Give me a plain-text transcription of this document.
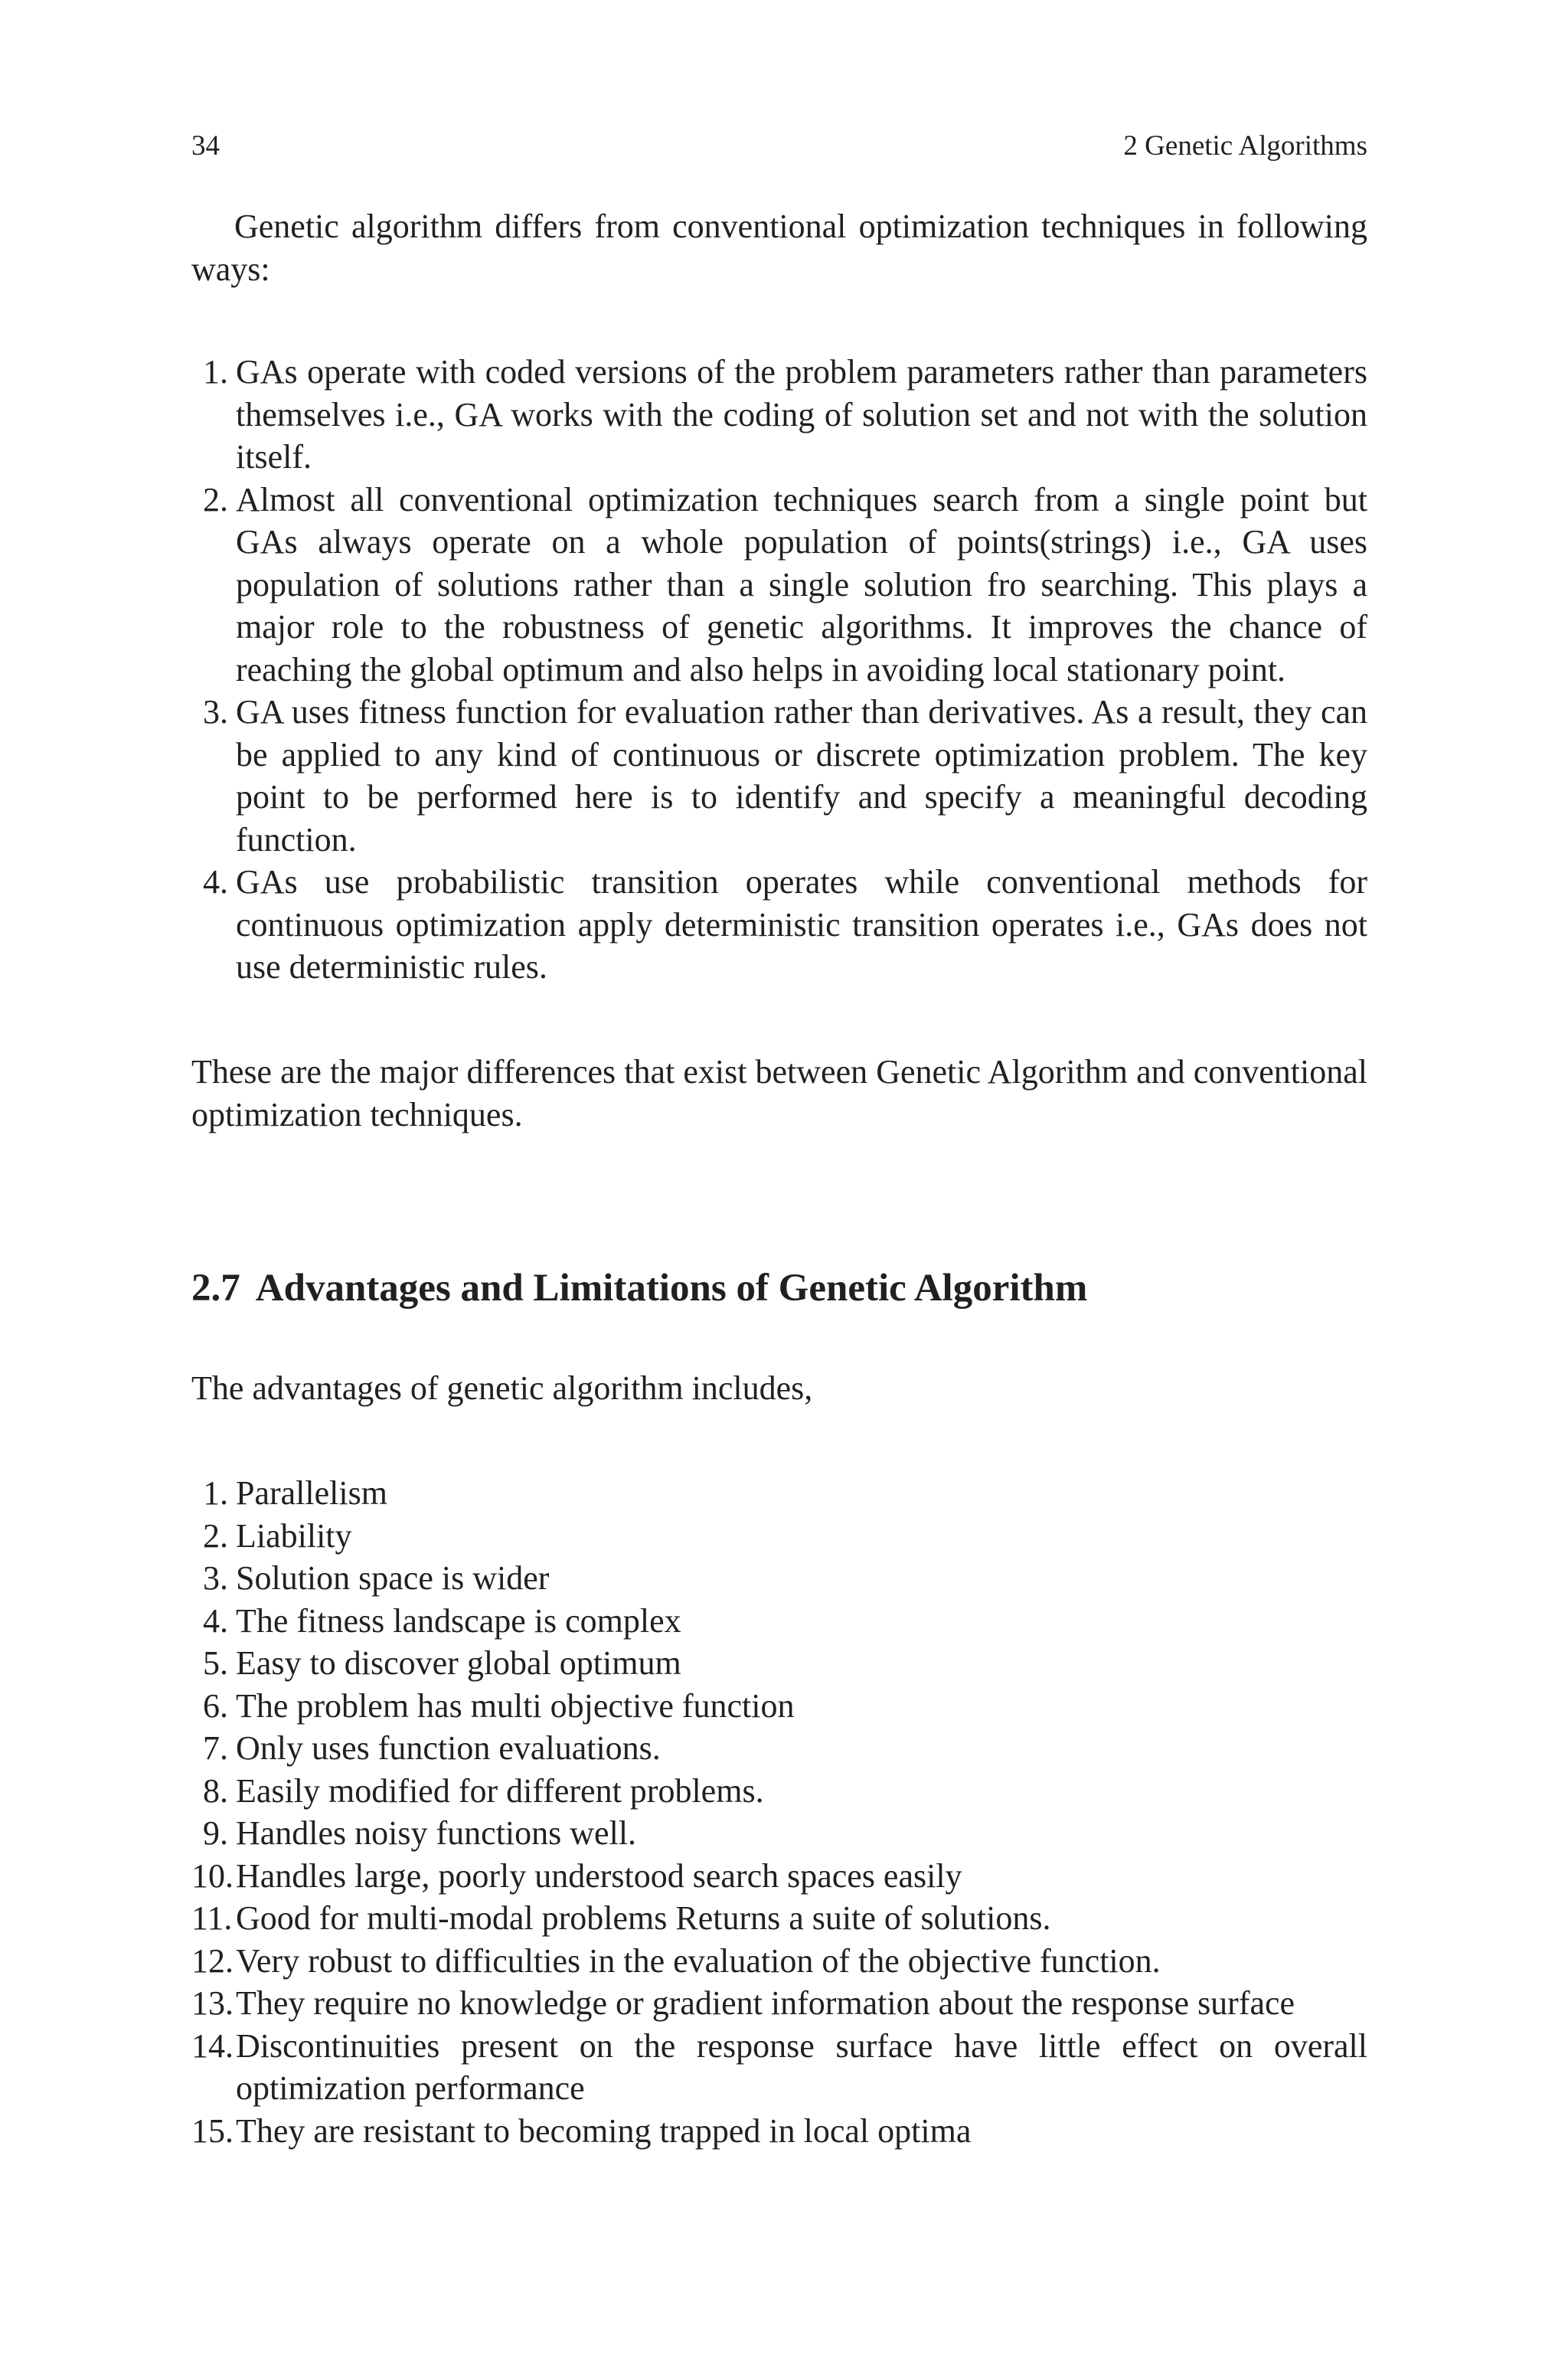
34	2 Genetic Algorithms

Genetic algorithm differs from conventional optimization techniques in following ways:

1. GAs operate with coded versions of the problem parameters rather than parameters themselves i.e., GA works with the coding of solution set and not with the solution itself.
2. Almost all conventional optimization techniques search from a single point but GAs always operate on a whole population of points(strings) i.e., GA uses population of solutions rather than a single solution fro searching. This plays a major role to the robustness of genetic algorithms. It improves the chance of reaching the global optimum and also helps in avoiding local stationary point.
3. GA uses fitness function for evaluation rather than derivatives. As a result, they can be applied to any kind of continuous or discrete optimization problem. The key point to be performed here is to identify and specify a meaningful decoding function.
4. GAs use probabilistic transition operates while conventional methods for continuous optimization apply deterministic transition operates i.e., GAs does not use deterministic rules.

These are the major differences that exist between Genetic Algorithm and conventional optimization techniques.

2.7 Advantages and Limitations of Genetic Algorithm

The advantages of genetic algorithm includes,

1. Parallelism
2. Liability
3. Solution space is wider
4. The fitness landscape is complex
5. Easy to discover global optimum
6. The problem has multi objective function
7. Only uses function evaluations.
8. Easily modified for different problems.
9. Handles noisy functions well.
10. Handles large, poorly understood search spaces easily
11. Good for multi-modal problems Returns a suite of solutions.
12. Very robust to difficulties in the evaluation of the objective function.
13. They require no knowledge or gradient information about the response surface
14. Discontinuities present on the response surface have little effect on overall optimization performance
15. They are resistant to becoming trapped in local optima
